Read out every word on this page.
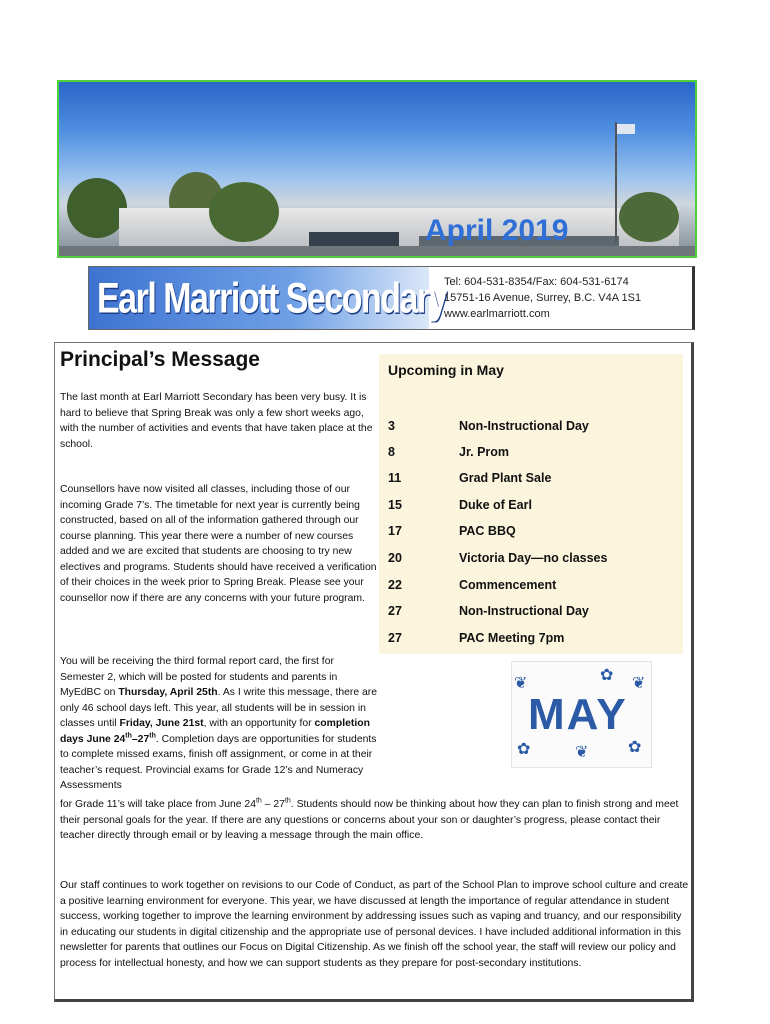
April 2019
Earl Marriott Secondary
Tel: 604-531-8354/Fax: 604-531-6174
15751-16 Avenue, Surrey, B.C. V4A 1S1
www.earlmarriott.com
Principal’s Message

The last month at Earl Marriott Secondary has been very busy. It is hard to believe that Spring Break was only a few short weeks ago, with the number of activities and events that have taken place at the school.

Counsellors have now visited all classes, including those of our incoming Grade 7’s. The timetable for next year is currently being constructed, based on all of the information gathered through our course planning. This year there were a number of new courses added and we are excited that students are choosing to try new electives and programs. Students should have received a verification of their choices in the week prior to Spring Break. Please see your counsellor now if there are any concerns with your future program.

You will be receiving the third formal report card, the first for Semester 2, which will be posted for students and parents in MyEdBC on Thursday, April 25th. As I write this message, there are only 46 school days left. This year, all students will be in session in classes until Friday, June 21st, with an opportunity for completion days June 24th–27th. Completion days are opportunities for students to complete missed exams, finish off assignment, or come in at their teacher’s request. Provincial exams for Grade 12’s and Numeracy Assessments

for Grade 11’s will take place from June 24th – 27th. Students should now be thinking about how they can plan to finish strong and meet their personal goals for the year. If there are any questions or concerns about your son or daughter’s progress, please contact their teacher directly through email or by leaving a message through the main office.

Our staff continues to work together on revisions to our Code of Conduct, as part of the School Plan to improve school culture and create a positive learning environment for everyone. This year, we have discussed at length the importance of regular attendance in student success, working together to improve the learning environment by addressing issues such as vaping and truancy, and our responsibility in educating our students in digital citizenship and the appropriate use of personal devices. I have included additional information in this newsletter for parents that outlines our Focus on Digital Citizenship. As we finish off the school year, the staff will review our policy and process for intellectual honesty, and how we can support students as they prepare for post-secondary institutions.

Upcoming in May
3	Non-Instructional Day
8	Jr. Prom
11	Grad Plant Sale
15	Duke of Earl
17	PAC BBQ
20	Victoria Day—no classes
22	Commencement
27	Non-Instructional Day
27	PAC Meeting 7pm
MAY
❦	✿ ❦
✿	❦ ✿
